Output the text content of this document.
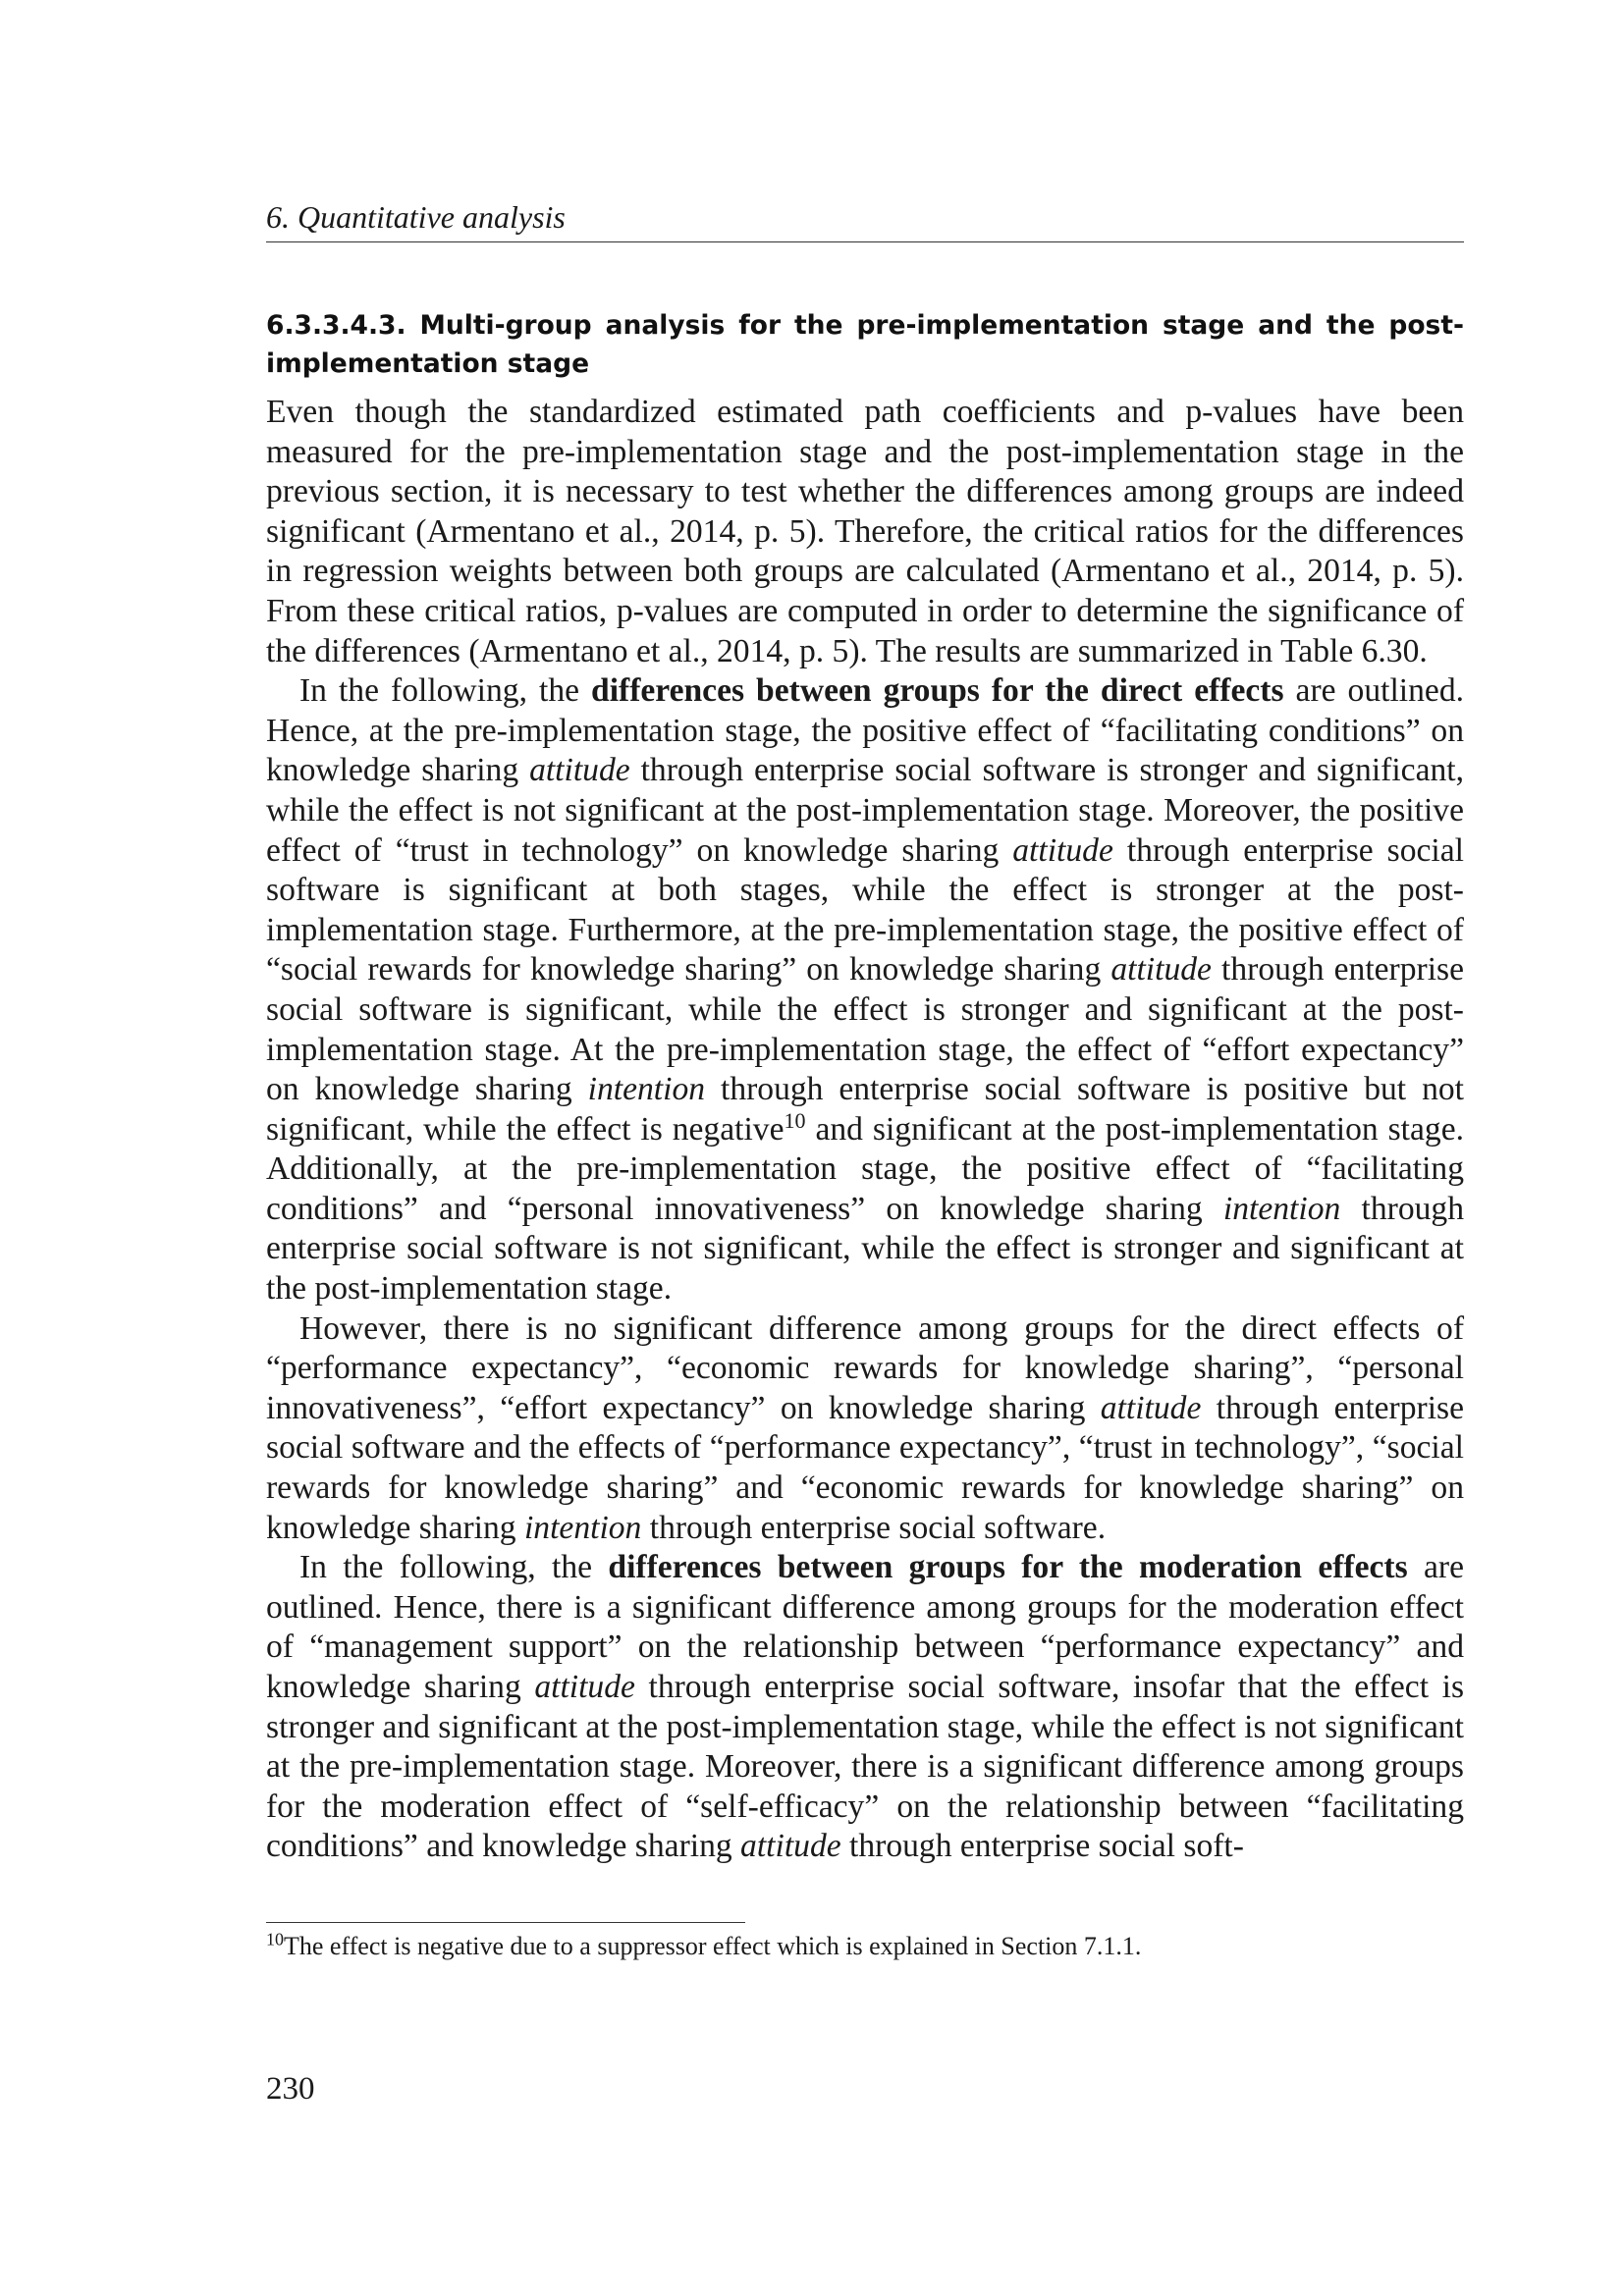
6. Quantitative analysis
6.3.3.4.3. Multi-group analysis for the pre-implementation stage and the post-implementation stage

Even though the standardized estimated path coefficients and p-values have been measured for the pre-implementation stage and the post-implementation stage in the previous section, it is necessary to test whether the differences among groups are indeed significant (Armentano et al., 2014, p. 5). Therefore, the critical ratios for the differences in regression weights between both groups are calculated (Armentano et al., 2014, p. 5). From these critical ratios, p-values are computed in order to determine the significance of the differences (Armentano et al., 2014, p. 5). The results are summarized in Table 6.30.

In the following, the differences between groups for the direct effects are outlined. Hence, at the pre-implementation stage, the positive effect of “facilitating conditions” on knowledge sharing attitude through enterprise social software is stronger and significant, while the effect is not significant at the post-implementation stage. Moreover, the positive effect of “trust in technology” on knowledge sharing attitude through enterprise social software is significant at both stages, while the effect is stronger at the post-implementation stage. Furthermore, at the pre-implementation stage, the positive effect of “social rewards for knowledge sharing” on knowledge sharing attitude through enterprise social software is significant, while the effect is stronger and significant at the post-implementation stage. At the pre-implementation stage, the effect of “effort expectancy” on knowledge sharing intention through enterprise social software is positive but not significant, while the effect is negative$^{10}$ and significant at the post-implementation stage. Additionally, at the pre-implementation stage, the positive effect of “facilitating conditions” and “personal innovativeness” on knowledge sharing intention through enterprise social software is not significant, while the effect is stronger and significant at the post-implementation stage.

However, there is no significant difference among groups for the direct effects of “performance expectancy”, “economic rewards for knowledge sharing”, “personal innovativeness”, “effort expectancy” on knowledge sharing attitude through enterprise social software and the effects of “performance expectancy”, “trust in technology”, “social rewards for knowledge sharing” and “economic rewards for knowledge sharing” on knowledge sharing intention through enterprise social software.

In the following, the differences between groups for the moderation effects are outlined. Hence, there is a significant difference among groups for the moderation effect of “management support” on the relationship between “performance expectancy” and knowledge sharing attitude through enterprise social software, insofar that the effect is stronger and significant at the post-implementation stage, while the effect is not significant at the pre-implementation stage. Moreover, there is a significant difference among groups for the moderation effect of “self-efficacy” on the relationship between “facilitating conditions” and knowledge sharing attitude through enterprise social soft-

$^{10}$The effect is negative due to a suppressor effect which is explained in Section 7.1.1.
230
